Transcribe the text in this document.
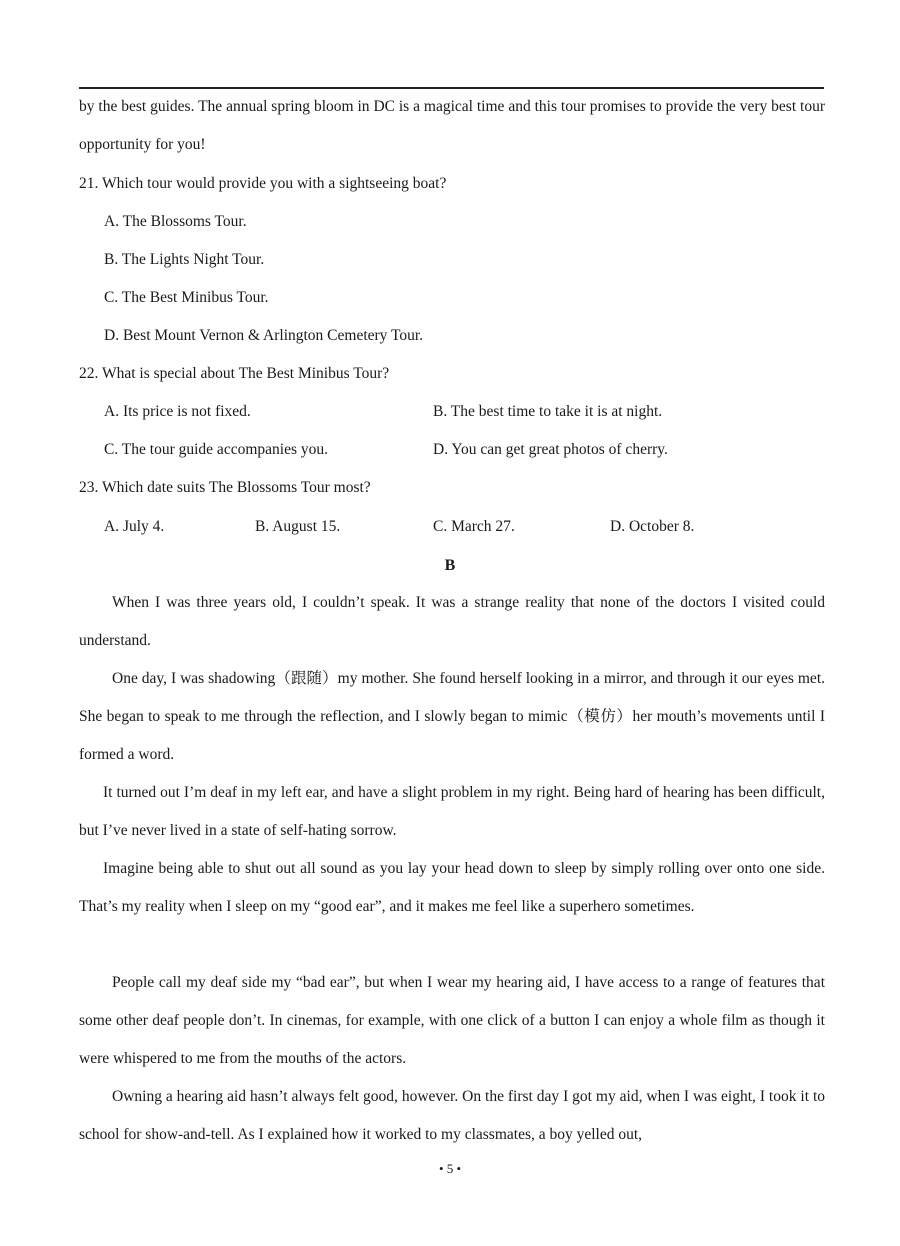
by the best guides. The annual spring bloom in DC is a magical time and this tour promises to provide the very best tour opportunity for you!
21. Which tour would provide you with a sightseeing boat?
A. The Blossoms Tour.
B. The Lights Night Tour.
C. The Best Minibus Tour.
D. Best Mount Vernon & Arlington Cemetery Tour.
22. What is special about The Best Minibus Tour?
A. Its price is not fixed.	B. The best time to take it is at night.
C. The tour guide accompanies you.	D. You can get great photos of cherry.
23. Which date suits The Blossoms Tour most?
A. July 4.	B. August 15.	C. March 27.	D. October 8.
B
When I was three years old, I couldn’t speak. It was a strange reality that none of the doctors I visited could understand.
One day, I was shadowing（跟随）my mother. She found herself looking in a mirror, and through it our eyes met. She began to speak to me through the reflection, and I slowly began to mimic（模仿）her mouth’s movements until I formed a word.
It turned out I’m deaf in my left ear, and have a slight problem in my right. Being hard of hearing has been difficult, but I’ve never lived in a state of self-hating sorrow.
Imagine being able to shut out all sound as you lay your head down to sleep by simply rolling over onto one side. That’s my reality when I sleep on my “good ear”, and it makes me feel like a superhero sometimes.
People call my deaf side my “bad ear”, but when I wear my hearing aid, I have access to a range of features that some other deaf people don’t. In cinemas, for example, with one click of a button I can enjoy a whole film as though it were whispered to me from the mouths of the actors.
Owning a hearing aid hasn’t always felt good, however. On the first day I got my aid, when I was eight, I took it to school for show-and-tell. As I explained how it worked to my classmates, a boy yelled out,
• 5 •
